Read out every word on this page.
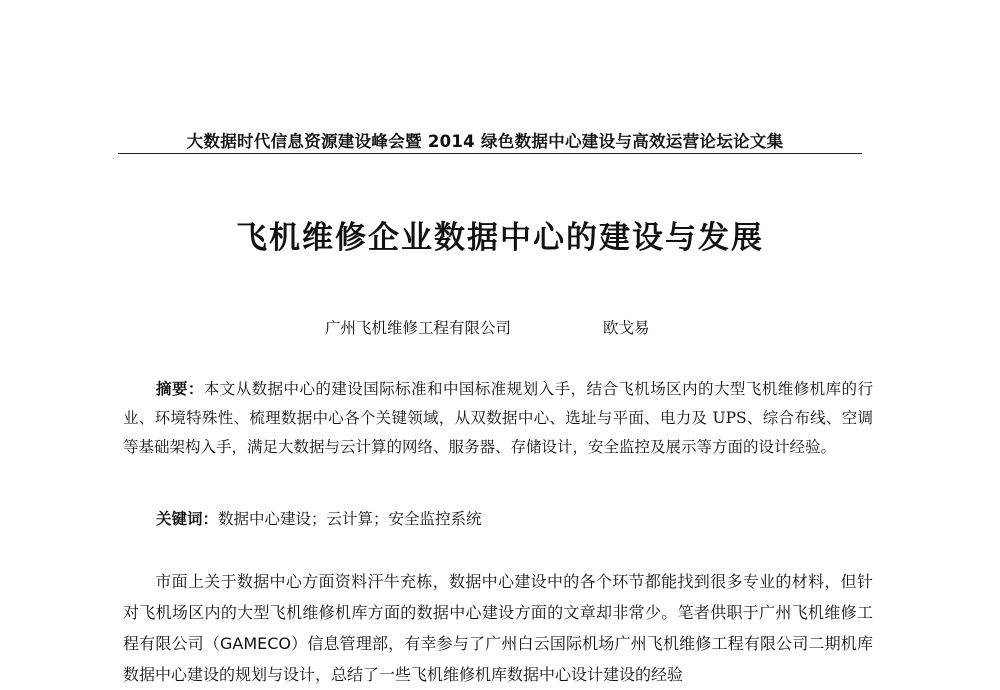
大数据时代信息资源建设峰会暨 2014 绿色数据中心建设与高效运营论坛论文集
飞机维修企业数据中心的建设与发展
广州飞机维修工程有限公司	欧戈易
摘要：本文从数据中心的建设国际标准和中国标准规划入手，结合飞机场区内的大型飞机维修机库的行业、环境特殊性、梳理数据中心各个关键领域，从双数据中心、选址与平面、电力及 UPS、综合布线、空调等基础架构入手，满足大数据与云计算的网络、服务器、存储设计，安全监控及展示等方面的设计经验。
关键词：数据中心建设；云计算；安全监控系统
市面上关于数据中心方面资料汗牛充栋，数据中心建设中的各个环节都能找到很多专业的材料，但针对飞机场区内的大型飞机维修机库方面的数据中心建设方面的文章却非常少。笔者供职于广州飞机维修工程有限公司（GAMECO）信息管理部，有幸参与了广州白云国际机场广州飞机维修工程有限公司二期机库数据中心建设的规划与设计，总结了一些飞机维修机库数据中心设计建设的经验
